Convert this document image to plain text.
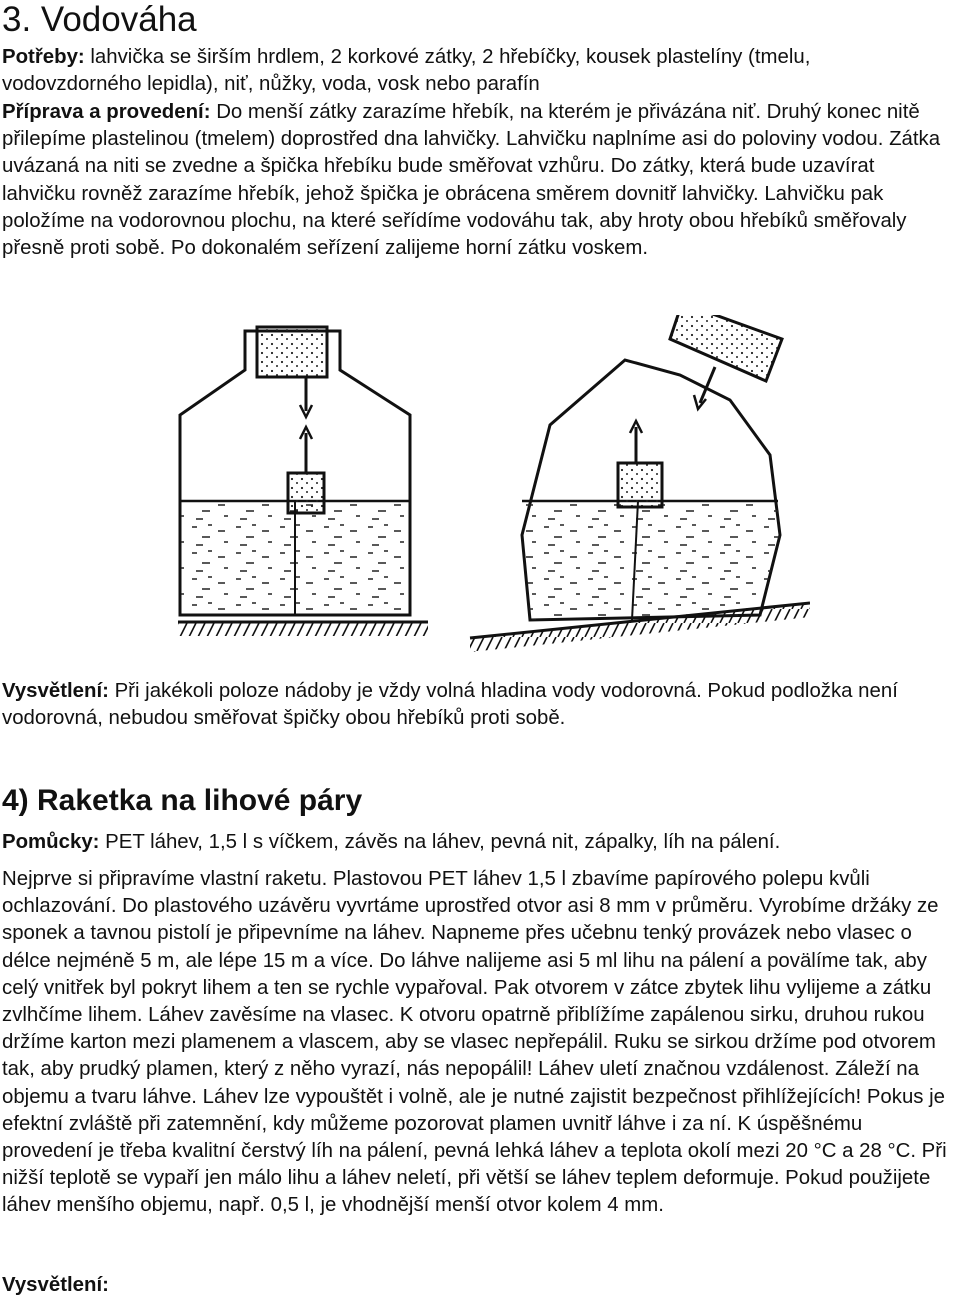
3. Vodováha

Potřeby: lahvička se širším hrdlem, 2 korkové zátky, 2 hřebíčky, kousek plastelíny (tmelu, vodovzdorného lepidla), niť, nůžky, voda, vosk nebo parafín

Příprava a provedení: Do menší zátky zarazíme hřebík, na kterém je přivázána niť. Druhý konec nitě přilepíme plastelinou (tmelem) doprostřed dna lahvičky. Lahvičku naplníme asi do poloviny vodou. Zátka uvázaná na niti se zvedne a špička hřebíku bude směřovat vzhůru. Do zátky, která bude uzavírat lahvičku rovněž zarazíme hřebík, jehož špička je obrácena směrem dovnitř lahvičky. Lahvičku pak položíme na vodorovnou plochu, na které seřídíme vodováhu tak, aby hroty obou hřebíků směřovaly přesně proti sobě. Po dokonalém seřízení zalijeme horní zátku voskem.

Vysvětlení: Při jakékoli poloze nádoby je vždy volná hladina vody vodorovná. Pokud podložka není vodorovná, nebudou směřovat špičky obou hřebíků proti sobě.

4) Raketka na lihové páry

Pomůcky: PET láhev, 1,5 l s víčkem, závěs na láhev, pevná nit, zápalky, líh na pálení.

Nejprve si připravíme vlastní raketu. Plastovou PET láhev 1,5 l zbavíme papírového polepu kvůli ochlazování. Do plastového uzávěru vyvrtáme uprostřed otvor asi 8 mm v průměru. Vyrobíme držáky ze sponek a tavnou pistolí je připevníme na láhev. Napneme přes učebnu tenký provázek nebo vlasec o délce nejméně 5 m, ale lépe 15 m a více. Do láhve nalijeme asi 5 ml lihu na pálení a povälíme tak, aby celý vnitřek byl pokryt lihem a ten se rychle vypařoval. Pak otvorem v zátce zbytek lihu vylijeme a zátku zvlhčíme lihem. Láhev zavěsíme na vlasec. K otvoru opatrně přiblížíme zapálenou sirku, druhou rukou držíme karton mezi plamenem a vlascem, aby se vlasec nepřepálil. Ruku se sirkou držíme pod otvorem tak, aby prudký plamen, který z něho vyrazí, nás nepopálil! Láhev uletí značnou vzdálenost. Záleží na objemu a tvaru láhve. Láhev lze vypouštět i volně, ale je nutné zajistit bezpečnost přihlížejících! Pokus je efektní zvláště při zatemnění, kdy můžeme pozorovat plamen uvnitř láhve i za ní. K úspěšnému provedení je třeba kvalitní čerstvý líh na pálení, pevná lehká láhev a teplota okolí mezi 20 °C a 28 °C. Při nižší teplotě se vypaří jen málo lihu a láhev neletí, při větší se láhev teplem deformuje. Pokud použijete láhev menšího objemu, např. 0,5 l, je vhodnější menší otvor kolem 4 mm.

Vysvětlení:
